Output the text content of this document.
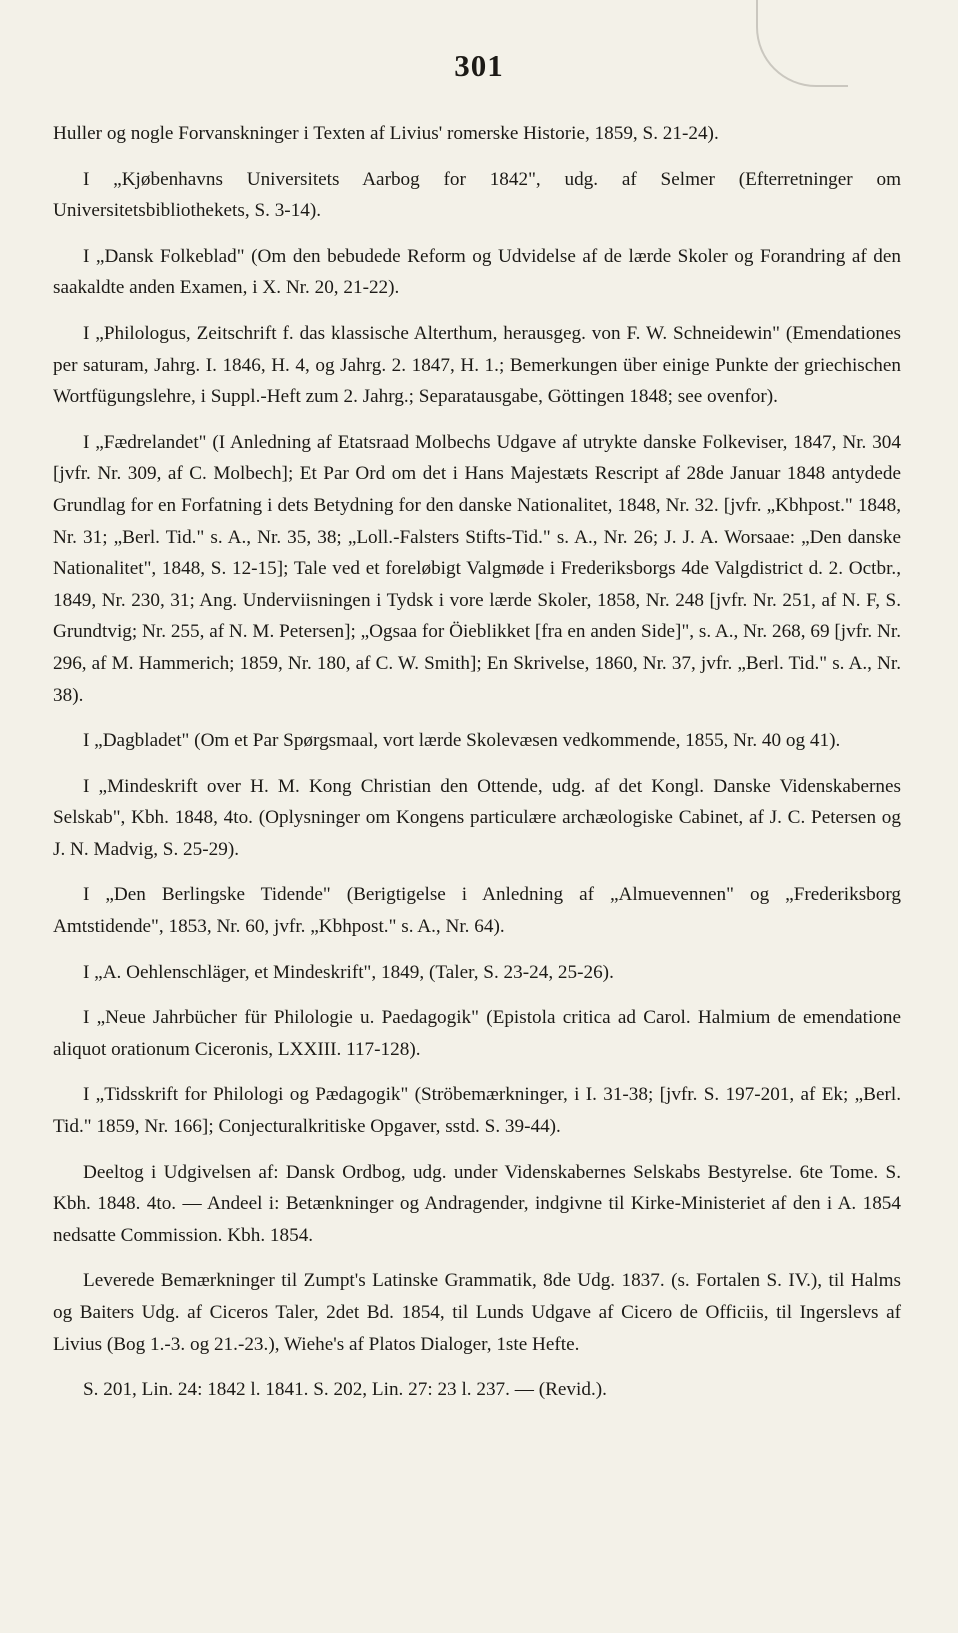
301

Huller og nogle Forvanskninger i Texten af Livius' romerske Historie, 1859, S. 21-24).

I „Kjøbenhavns Universitets Aarbog for 1842", udg. af Selmer (Efterretninger om Universitetsbibliothekets, S. 3-14).

I „Dansk Folkeblad" (Om den bebudede Reform og Udvidelse af de lærde Skoler og Forandring af den saakaldte anden Examen, i X. Nr. 20, 21-22).

I „Philologus, Zeitschrift f. das klassische Alterthum, herausgeg. von F. W. Schneidewin" (Emendationes per saturam, Jahrg. I. 1846, H. 4, og Jahrg. 2. 1847, H. 1.; Bemerkungen über einige Punkte der griechischen Wortfügungslehre, i Suppl.-Heft zum 2. Jahrg.; Separatausgabe, Göttingen 1848; see ovenfor).

I „Fædrelandet" (I Anledning af Etatsraad Molbechs Udgave af utrykte danske Folkeviser, 1847, Nr. 304 [jvfr. Nr. 309, af C. Molbech]; Et Par Ord om det i Hans Majestæts Rescript af 28de Januar 1848 antydede Grundlag for en Forfatning i dets Betydning for den danske Nationalitet, 1848, Nr. 32. [jvfr. „Kbhpost." 1848, Nr. 31; „Berl. Tid." s. A., Nr. 35, 38; „Loll.-Falsters Stifts-Tid." s. A., Nr. 26; J. J. A. Worsaae: „Den danske Nationalitet", 1848, S. 12-15]; Tale ved et foreløbigt Valgmøde i Frederiksborgs 4de Valgdistrict d. 2. Octbr., 1849, Nr. 230, 31; Ang. Underviisningen i Tydsk i vore lærde Skoler, 1858, Nr. 248 [jvfr. Nr. 251, af N. F, S. Grundtvig; Nr. 255, af N. M. Petersen]; „Ogsaa for Öieblikket [fra en anden Side]", s. A., Nr. 268, 69 [jvfr. Nr. 296, af M. Hammerich; 1859, Nr. 180, af C. W. Smith]; En Skrivelse, 1860, Nr. 37, jvfr. „Berl. Tid." s. A., Nr. 38).

I „Dagbladet" (Om et Par Spørgsmaal, vort lærde Skolevæsen vedkommende, 1855, Nr. 40 og 41).

I „Mindeskrift over H. M. Kong Christian den Ottende, udg. af det Kongl. Danske Videnskabernes Selskab", Kbh. 1848, 4to. (Oplysninger om Kongens particulære archæologiske Cabinet, af J. C. Petersen og J. N. Madvig, S. 25-29).

I „Den Berlingske Tidende" (Berigtigelse i Anledning af „Almuevennen" og „Frederiksborg Amtstidende", 1853, Nr. 60, jvfr. „Kbhpost." s. A., Nr. 64).

I „A. Oehlenschläger, et Mindeskrift", 1849, (Taler, S. 23-24, 25-26).

I „Neue Jahrbücher für Philologie u. Paedagogik" (Epistola critica ad Carol. Halmium de emendatione aliquot orationum Ciceronis, LXXIII. 117-128).

I „Tidsskrift for Philologi og Pædagogik" (Ströbemærkninger, i I. 31-38; [jvfr. S. 197-201, af Ek; „Berl. Tid." 1859, Nr. 166]; Conjecturalkritiske Opgaver, sstd. S. 39-44).

Deeltog i Udgivelsen af: Dansk Ordbog, udg. under Videnskabernes Selskabs Bestyrelse. 6te Tome. S. Kbh. 1848. 4to. — Andeel i: Betænkninger og Andragender, indgivne til Kirke-Ministeriet af den i A. 1854 nedsatte Commission. Kbh. 1854.

Leverede Bemærkninger til Zumpt's Latinske Grammatik, 8de Udg. 1837. (s. Fortalen S. IV.), til Halms og Baiters Udg. af Ciceros Taler, 2det Bd. 1854, til Lunds Udgave af Cicero de Officiis, til Ingerslevs af Livius (Bog 1.-3. og 21.-23.), Wiehe's af Platos Dialoger, 1ste Hefte.

S. 201, Lin. 24: 1842 l. 1841. S. 202, Lin. 27: 23 l. 237. — (Revid.).
